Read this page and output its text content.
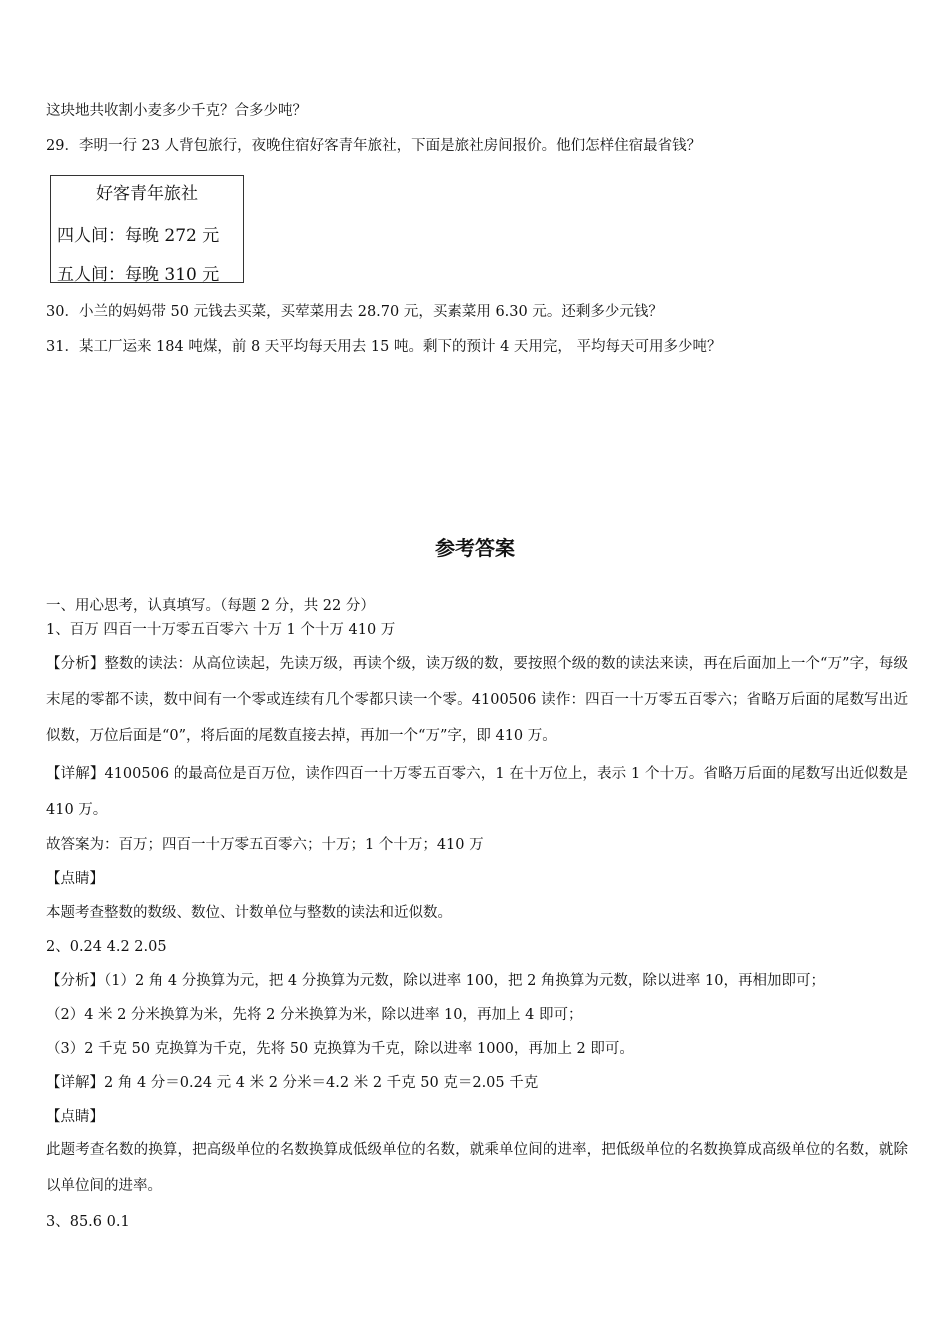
这块地共收割小麦多少千克？合多少吨？
29．李明一行 23 人背包旅行，夜晚住宿好客青年旅社，下面是旅社房间报价。他们怎样住宿最省钱？
好客青年旅社
四人间：每晚 272 元
五人间：每晚 310 元
30．小兰的妈妈带 50 元钱去买菜，买荤菜用去 28.70 元，买素菜用 6.30 元。还剩多少元钱？
31．某工厂运来 184 吨煤，前 8 天平均每天用去 15 吨。剩下的预计 4 天用完， 平均每天可用多少吨？
参考答案
一、用心思考，认真填写。（每题 2 分，共 22 分）
1、百万 四百一十万零五百零六 十万 1 个十万 410 万
【分析】整数的读法：从高位读起，先读万级，再读个级，读万级的数，要按照个级的数的读法来读，再在后面加上一个“万”字，每级末尾的零都不读，数中间有一个零或连续有几个零都只读一个零。4100506 读作：四百一十万零五百零六；省略万后面的尾数写出近似数，万位后面是“0”，将后面的尾数直接去掉，再加一个“万”字，即 410 万。
【详解】4100506 的最高位是百万位，读作四百一十万零五百零六，1 在十万位上，表示 1 个十万。省略万后面的尾数写出近似数是 410 万。
故答案为：百万；四百一十万零五百零六；十万；1 个十万；410 万
【点睛】
本题考查整数的数级、数位、计数单位与整数的读法和近似数。
2、0.24 4.2 2.05
【分析】（1）2 角 4 分换算为元，把 4 分换算为元数，除以进率 100，把 2 角换算为元数，除以进率 10，再相加即可；
（2）4 米 2 分米换算为米，先将 2 分米换算为米，除以进率 10，再加上 4 即可；
（3）2 千克 50 克换算为千克，先将 50 克换算为千克，除以进率 1000，再加上 2 即可。
【详解】2 角 4 分＝0.24 元 4 米 2 分米＝4.2 米 2 千克 50 克＝2.05 千克
【点睛】
此题考查名数的换算，把高级单位的名数换算成低级单位的名数，就乘单位间的进率，把低级单位的名数换算成高级单位的名数，就除以单位间的进率。
3、85.6 0.1
